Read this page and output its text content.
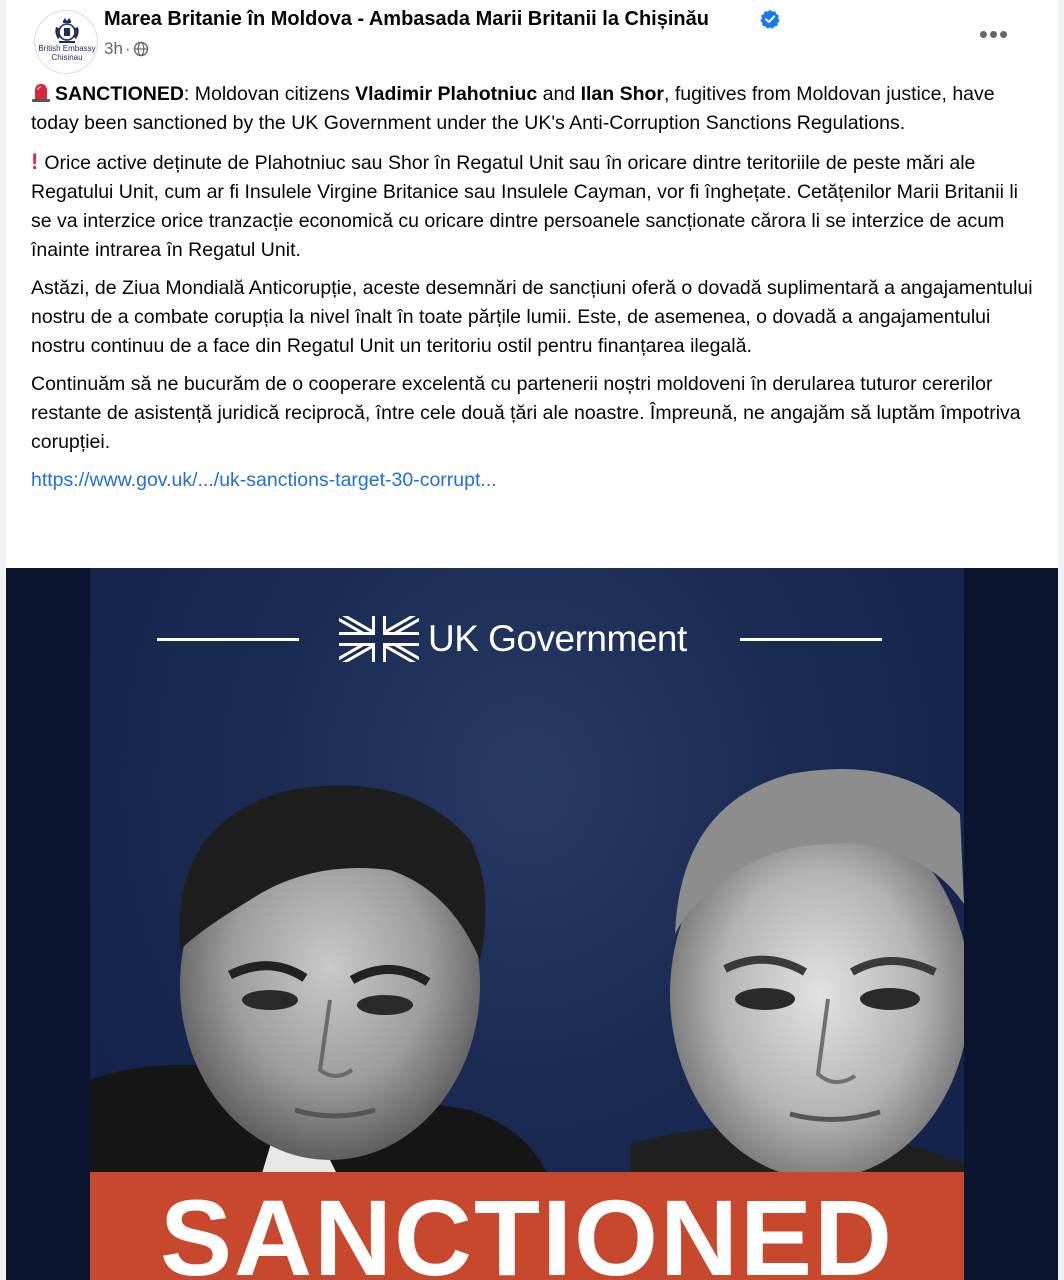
British Embassy
Chisinau
Marea Britanie în Moldova - Ambasada Marii Britanii la Chișinău
3h ·	•••

SANCTIONED: Moldovan citizens Vladimir Plahotniuc and Ilan Shor, fugitives from Moldovan justice, have today been sanctioned by the UK Government under the UK's Anti-Corruption Sanctions Regulations.

! Orice active deținute de Plahotniuc sau Shor în Regatul Unit sau în oricare dintre teritoriile de peste mări ale Regatului Unit, cum ar fi Insulele Virgine Britanice sau Insulele Cayman, vor fi înghețate. Cetățenilor Marii Britanii li se va interzice orice tranzacție economică cu oricare dintre persoanele sancționate cărora li se interzice de acum înainte intrarea în Regatul Unit.

Astăzi, de Ziua Mondială Anticorupție, aceste desemnări de sancțiuni oferă o dovadă suplimentară a angajamentului nostru de a combate corupția la nivel înalt în toate părțile lumii. Este, de asemenea, o dovadă a angajamentului nostru continuu de a face din Regatul Unit un teritoriu ostil pentru finanțarea ilegală.

Continuăm să ne bucurăm de o cooperare excelentă cu partenerii noștri moldoveni în derularea tuturor cererilor restante de asistență juridică reciprocă, între cele două țări ale noastre. Împreună, ne angajăm să luptăm împotriva corupției.

https://www.gov.uk/.../uk-sanctions-target-30-corrupt...

UK Government
SANCTIONED
